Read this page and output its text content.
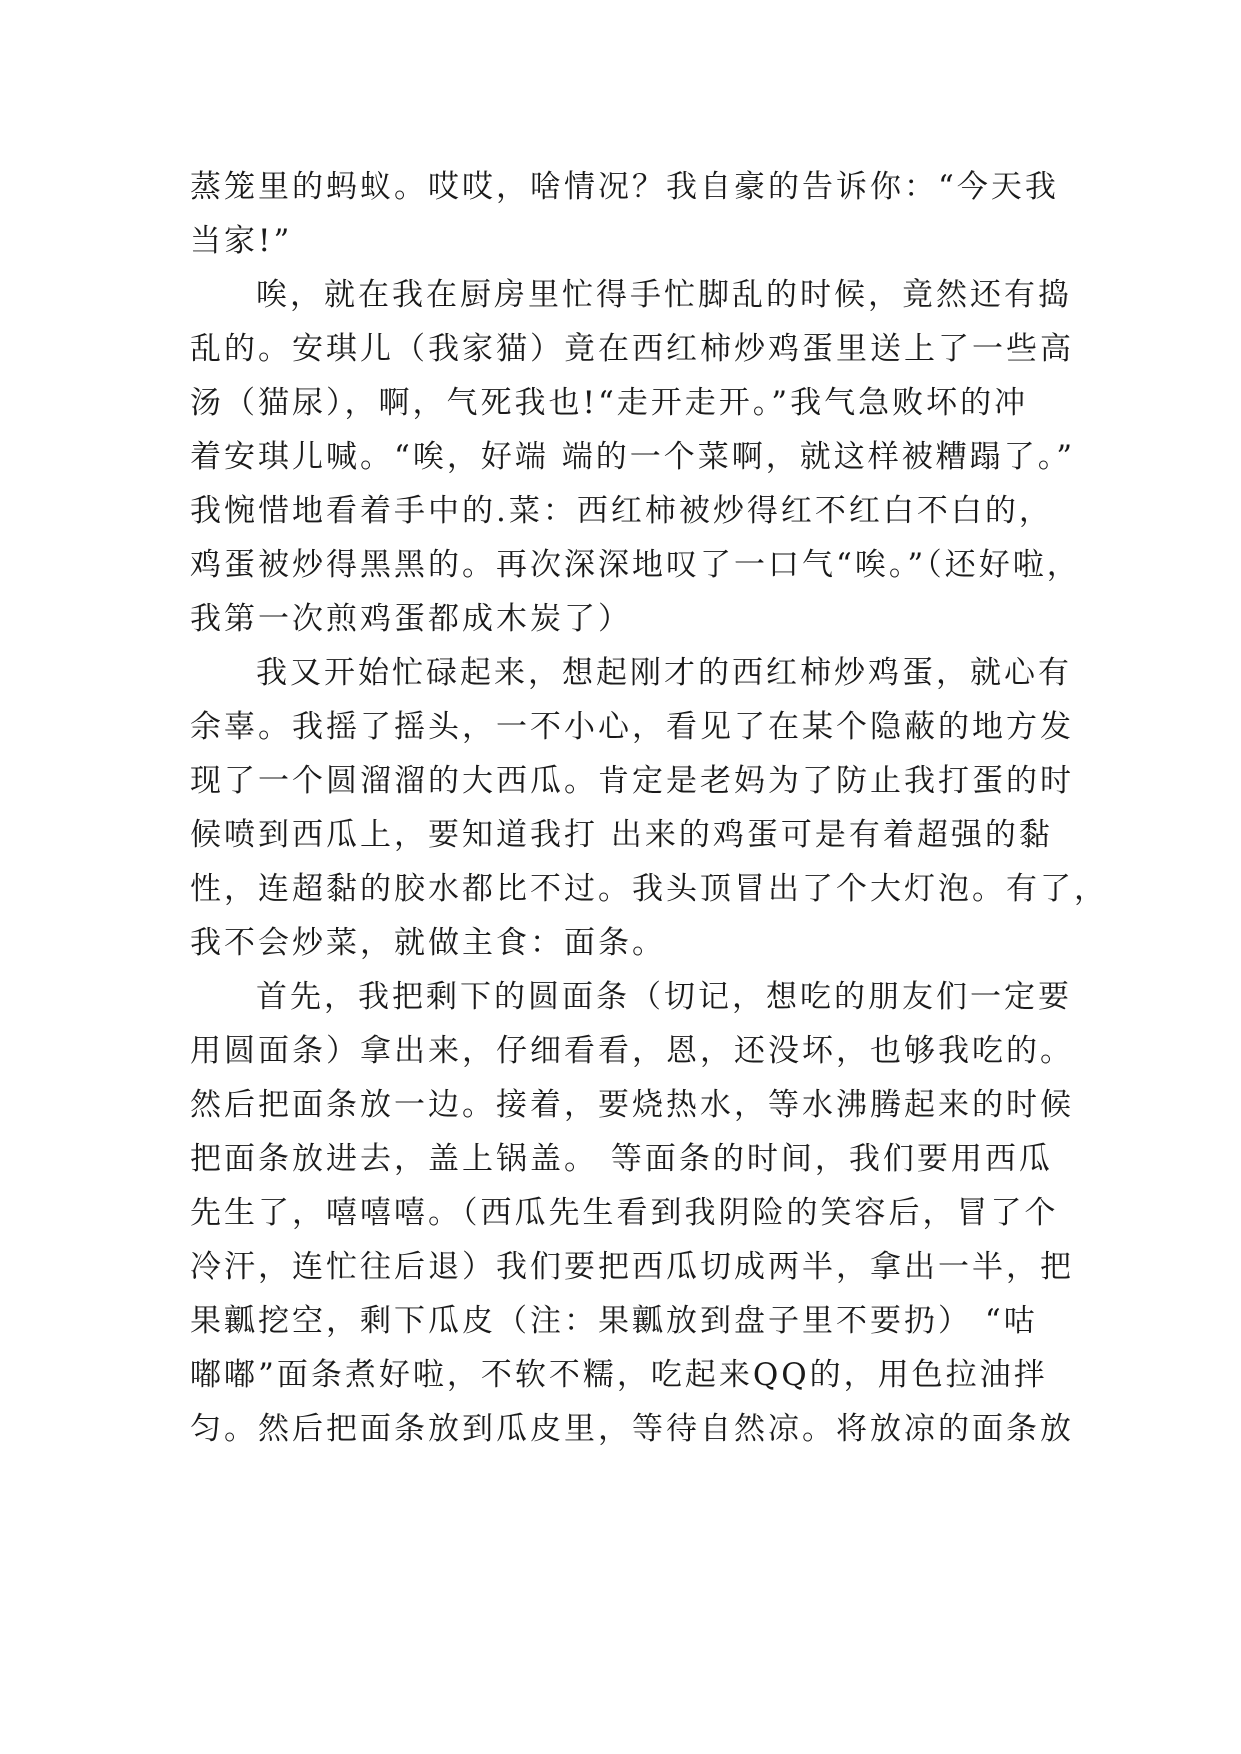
蒸笼里的蚂蚁。哎哎，啥情况？我自豪的告诉你：“今天我
当家!”
唉，就在我在厨房里忙得手忙脚乱的时候，竟然还有捣
乱的。安琪儿（我家猫）竟在西红柿炒鸡蛋里送上了一些高
汤（猫尿），啊，气死我也!“走开走开。”我气急败坏的冲
着安琪儿喊。“唉，好端 端的一个菜啊，就这样被糟蹋了。”
我惋惜地看着手中的.菜：西红柿被炒得红不红白不白的，
鸡蛋被炒得黑黑的。再次深深地叹了一口气“唉。”（还好啦，
我第一次煎鸡蛋都成木炭了）
我又开始忙碌起来，想起刚才的西红柿炒鸡蛋，就心有
余辜。我摇了摇头，一不小心，看见了在某个隐蔽的地方发
现了一个圆溜溜的大西瓜。肯定是老妈为了防止我打蛋的时
候喷到西瓜上，要知道我打 出来的鸡蛋可是有着超强的黏
性，连超黏的胶水都比不过。我头顶冒出了个大灯泡。有了，
我不会炒菜，就做主食：面条。
首先，我把剩下的圆面条（切记，想吃的朋友们一定要
用圆面条）拿出来，仔细看看，恩，还没坏，也够我吃的。
然后把面条放一边。接着，要烧热水，等水沸腾起来的时候
把面条放进去，盖上锅盖。 等面条的时间，我们要用西瓜
先生了，嘻嘻嘻。（西瓜先生看到我阴险的笑容后，冒了个
冷汗，连忙往后退）我们要把西瓜切成两半，拿出一半，把
果瓤挖空，剩下瓜皮（注：果瓤放到盘子里不要扔） “咕
嘟嘟”面条煮好啦，不软不糯，吃起来QQ的，用色拉油拌
匀。然后把面条放到瓜皮里，等待自然凉。将放凉的面条放
